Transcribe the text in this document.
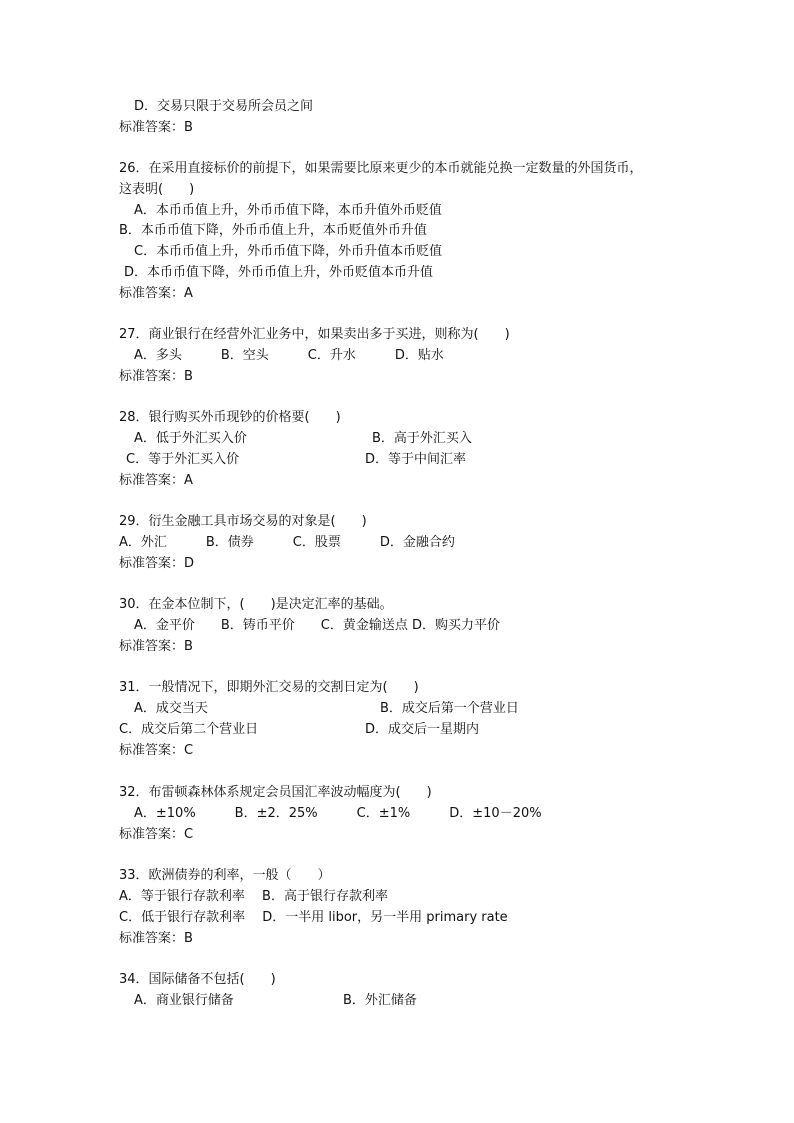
D．交易只限于交易所会员之间
标准答案：B
26．在采用直接标价的前提下，如果需要比原来更少的本币就能兑换一定数量的外国货币，
这表明(　　)
A．本币币值上升，外币币值下降，本币升值外币贬值
B．本币币值下降，外币币值上升，本币贬值外币升值
C．本币币值上升，外币币值下降，外币升值本币贬值
D．本币币值下降，外币币值上升，外币贬值本币升值
标准答案：A
27．商业银行在经营外汇业务中，如果卖出多于买进，则称为(　　)
A．多头　　　B．空头　　　C．升水　　　D．贴水
标准答案：B
28．银行购买外币现钞的价格要(　　)
A．低于外汇买入价	B．高于外汇买入
C．等于外汇买入价	D．等于中间汇率
标准答案：A
29．衍生金融工具市场交易的对象是(　　)
A．外汇　　　B．债券　　　C．股票　　　D．金融合约
标准答案：D
30．在金本位制下，(　　)是决定汇率的基础。
A．金平价　　B．铸币平价　　C．黄金输送点 D．购买力平价
标准答案：B
31．一般情况下，即期外汇交易的交割日定为(　　)
A．成交当天	B．成交后第一个营业日
C．成交后第二个营业日	D．成交后一星期内
标准答案：C
32．布雷顿森林体系规定会员国汇率波动幅度为(　　)
A．±10%　　　B．±2．25%　　　C．±1%　　　D．±10－20%
标准答案：C
33．欧洲债券的利率，一般（　　）
A．等于银行存款利率　 B．高于银行存款利率
C．低于银行存款利率　 D．一半用 libor，另一半用 primary rate
标准答案：B
34．国际储备不包括(　　)
A．商业银行储备	B．外汇储备
